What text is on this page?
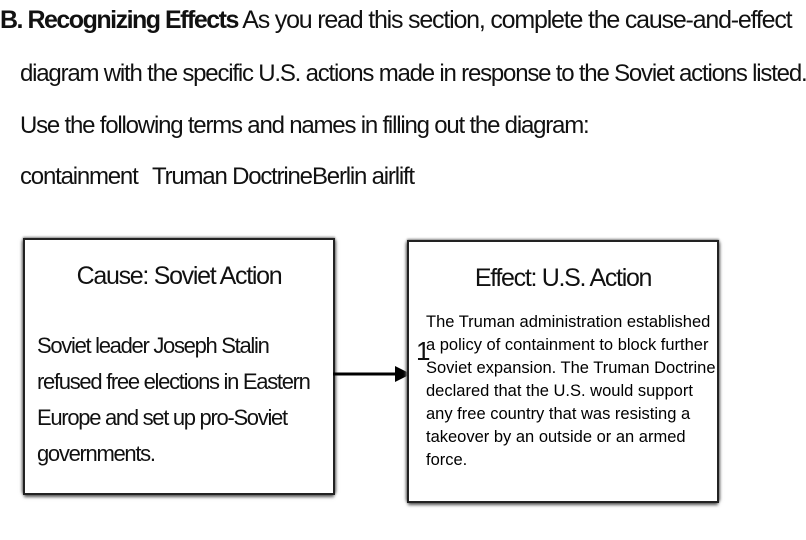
B. Recognizing Effects As you read this section, complete the cause-and-effect
diagram with the specific U.S. actions made in response to the Soviet actions listed.
Use the following terms and names in filling out the diagram:
containment Truman Doctrine Berlin airlift
Cause: Soviet Action
Soviet leader Joseph Stalin refused free elections in Eastern Europe and set up pro-Soviet governments.
Effect: U.S. Action
1
The Truman administration established a policy of containment to block further Soviet expansion. The Truman Doctrine declared that the U.S. would support any free country that was resisting a takeover by an outside or an armed force.
